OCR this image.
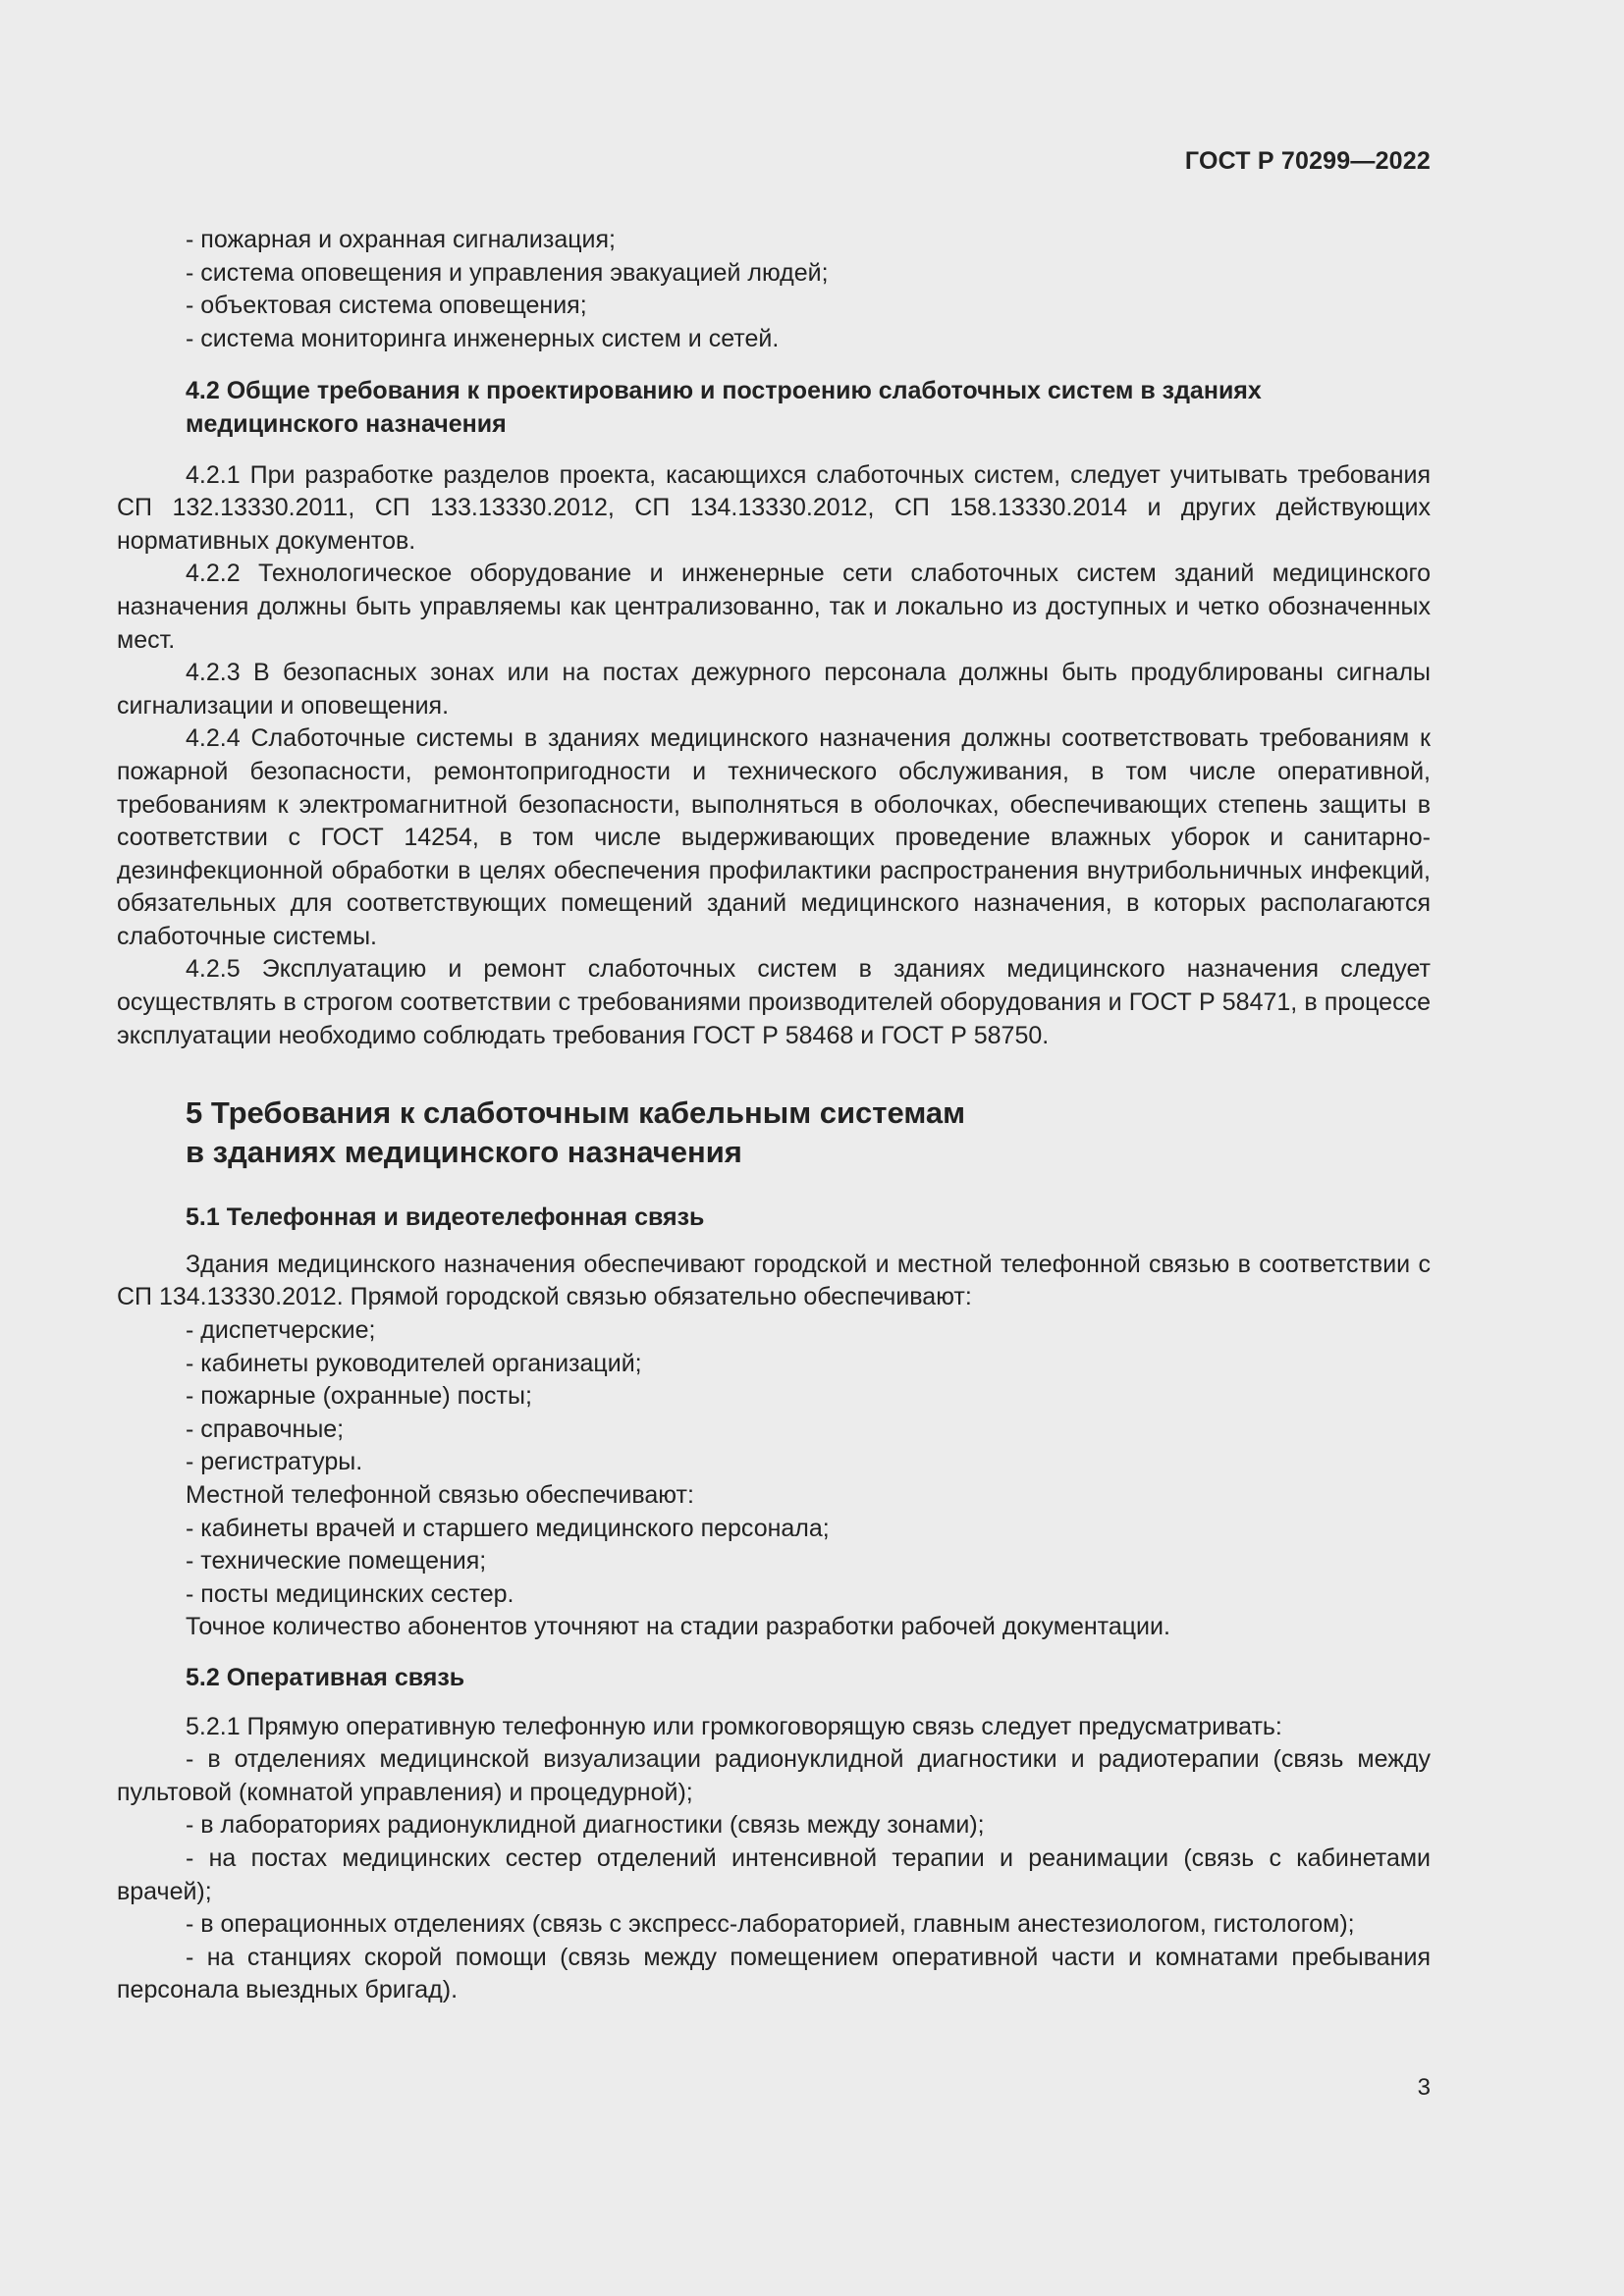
ГОСТ Р 70299—2022

- пожарная и охранная сигнализация;

- система оповещения и управления эвакуацией людей;

- объектовая система оповещения;

- система мониторинга инженерных систем и сетей.

4.2 Общие требования к проектированию и построению слаботочных систем в зданиях медицинского назначения

4.2.1 При разработке разделов проекта, касающихся слаботочных систем, следует учитывать требования СП 132.13330.2011, СП 133.13330.2012, СП 134.13330.2012, СП 158.13330.2014 и других действующих нормативных документов.

4.2.2 Технологическое оборудование и инженерные сети слаботочных систем зданий медицинского назначения должны быть управляемы как централизованно, так и локально из доступных и четко обозначенных мест.

4.2.3 В безопасных зонах или на постах дежурного персонала должны быть продублированы сигналы сигнализации и оповещения.

4.2.4 Слаботочные системы в зданиях медицинского назначения должны соответствовать требованиям к пожарной безопасности, ремонтопригодности и технического обслуживания, в том числе оперативной, требованиям к электромагнитной безопасности, выполняться в оболочках, обеспечивающих степень защиты в соответствии с ГОСТ 14254, в том числе выдерживающих проведение влажных уборок и санитарно-дезинфекционной обработки в целях обеспечения профилактики распространения внутрибольничных инфекций, обязательных для соответствующих помещений зданий медицинского назначения, в которых располагаются слаботочные системы.

4.2.5 Эксплуатацию и ремонт слаботочных систем в зданиях медицинского назначения следует осуществлять в строгом соответствии с требованиями производителей оборудования и ГОСТ Р 58471, в процессе эксплуатации необходимо соблюдать требования ГОСТ Р 58468 и ГОСТ Р 58750.

5 Требования к слаботочным кабельным системам
в зданиях медицинского назначения

5.1 Телефонная и видеотелефонная связь

Здания медицинского назначения обеспечивают городской и местной телефонной связью в соответствии с СП 134.13330.2012. Прямой городской связью обязательно обеспечивают:

- диспетчерские;

- кабинеты руководителей организаций;

- пожарные (охранные) посты;

- справочные;

- регистратуры.

Местной телефонной связью обеспечивают:

- кабинеты врачей и старшего медицинского персонала;

- технические помещения;

- посты медицинских сестер.

Точное количество абонентов уточняют на стадии разработки рабочей документации.

5.2 Оперативная связь

5.2.1 Прямую оперативную телефонную или громкоговорящую связь следует предусматривать:

- в отделениях медицинской визуализации радионуклидной диагностики и радиотерапии (связь между пультовой (комнатой управления) и процедурной);

- в лабораториях радионуклидной диагностики (связь между зонами);

- на постах медицинских сестер отделений интенсивной терапии и реанимации (связь с кабинетами врачей);

- в операционных отделениях (связь с экспресс-лабораторией, главным анестезиологом, гистологом);

- на станциях скорой помощи (связь между помещением оперативной части и комнатами пребывания персонала выездных бригад).

3
